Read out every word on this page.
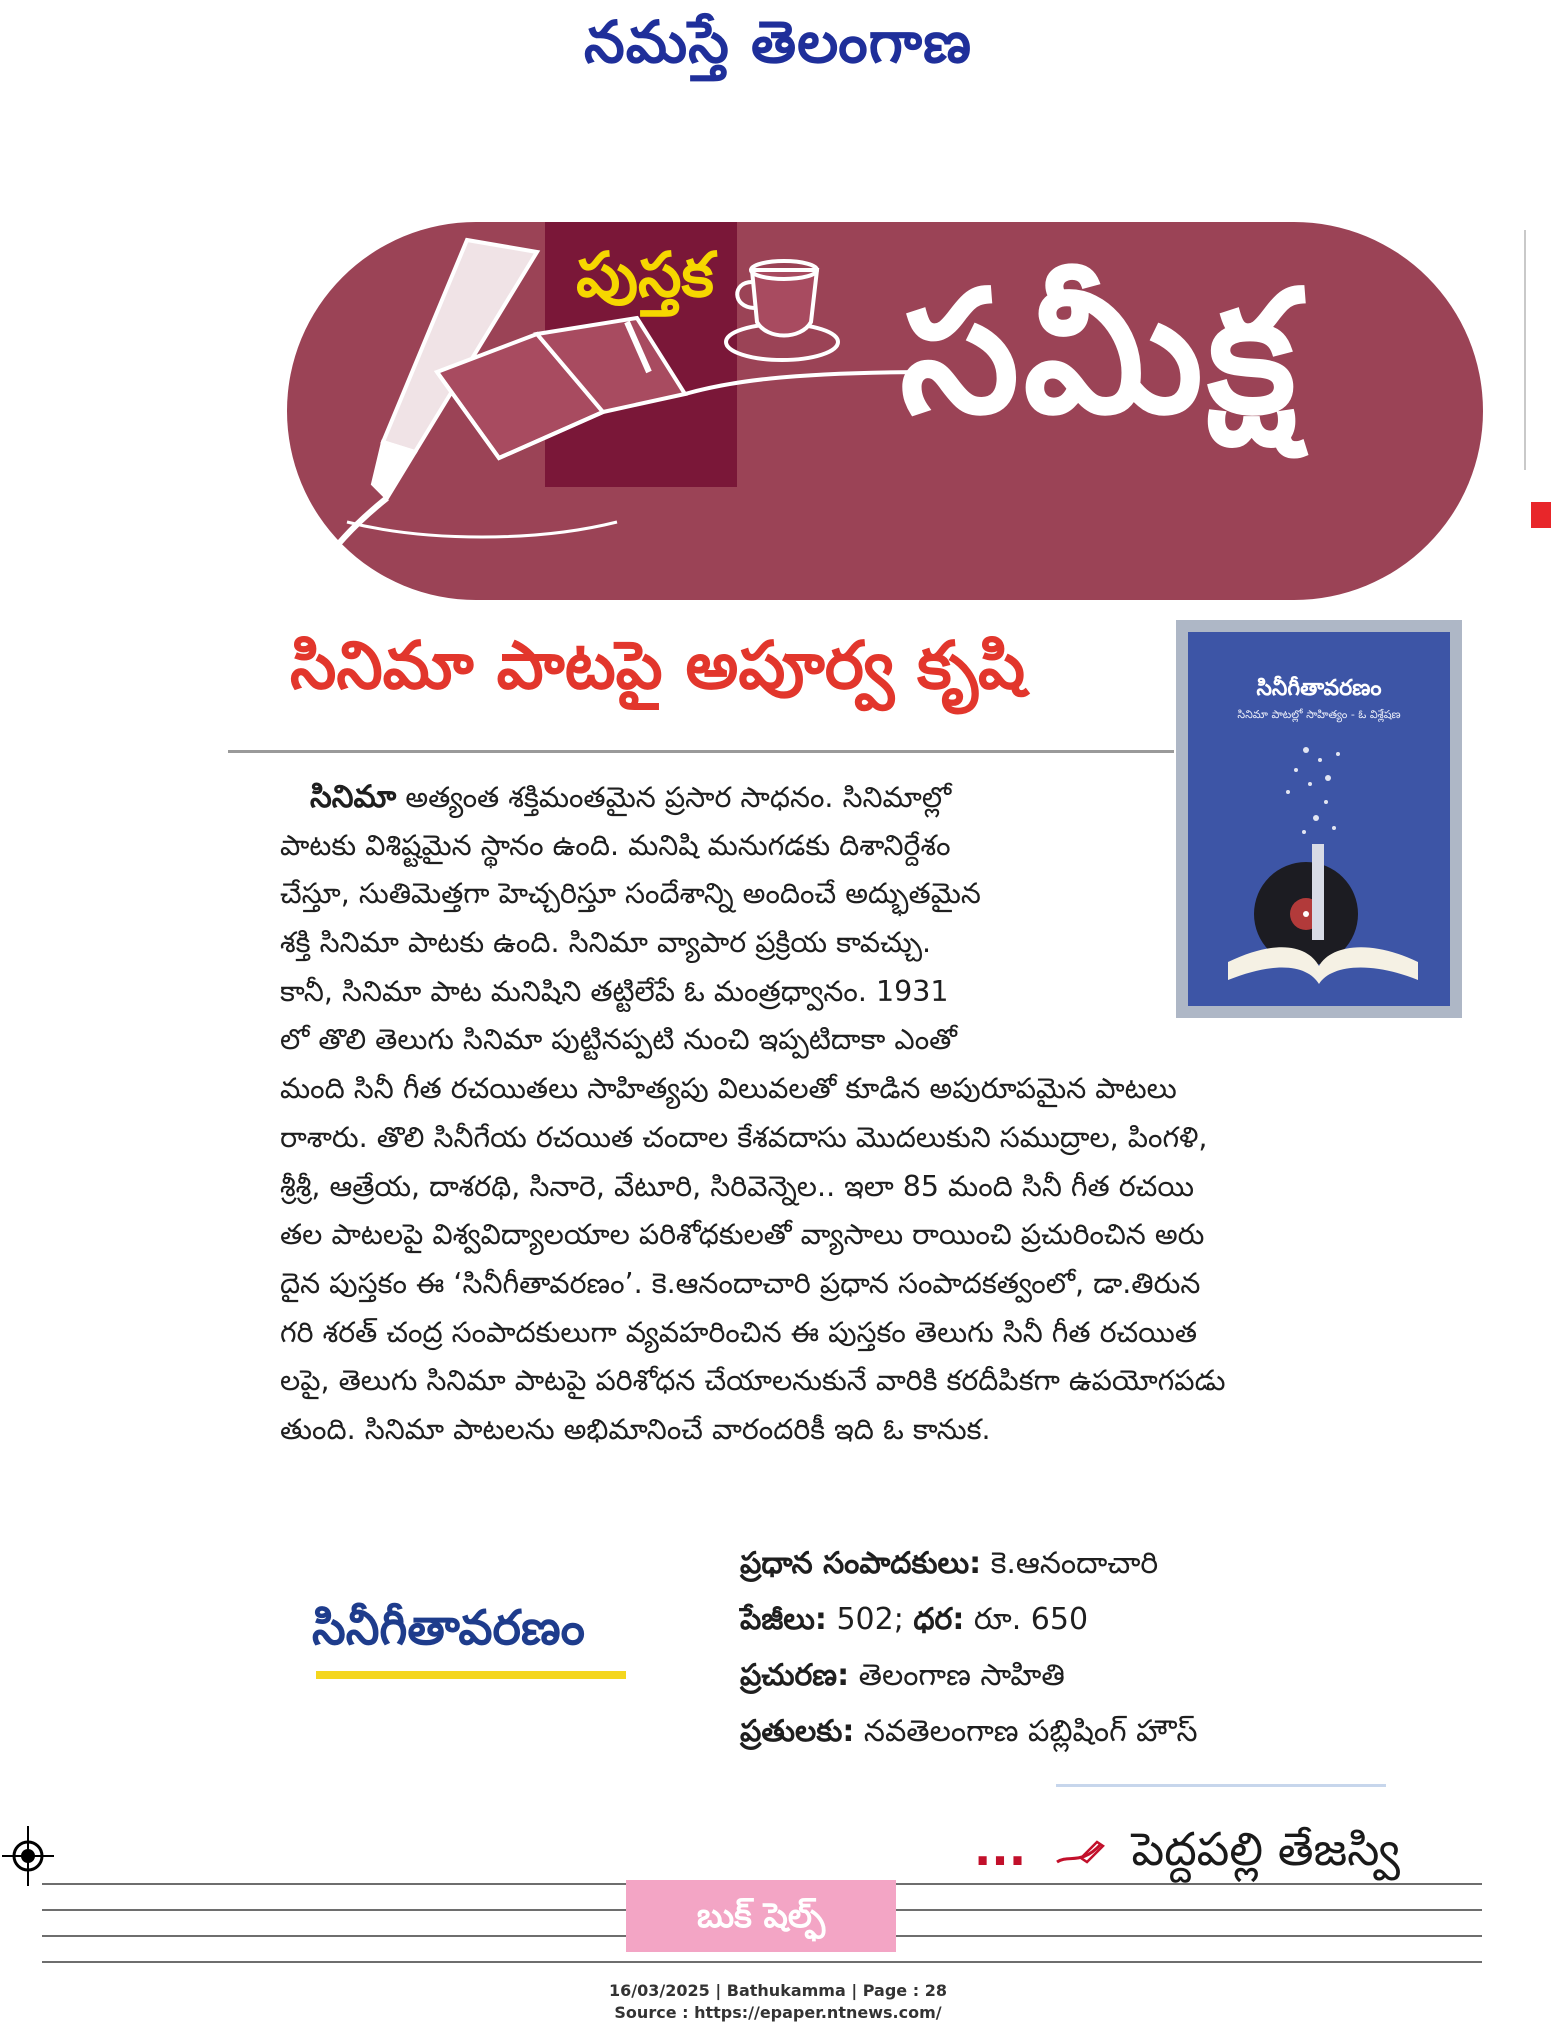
నమస్తే తెలంగాణ
పుస్తక సమీక్ష
సినిమా పాటపై అపూర్వ కృషి	సినీగీతావరణం
సినిమా పాటల్లో సాహిత్యం - ఓ విశ్లేషణ
సినిమా అత్యంత శక్తిమంతమైన ప్రసార సాధనం. సినిమాల్లో
పాటకు విశిష్టమైన స్థానం ఉంది. మనిషి మనుగడకు దిశానిర్దేశం
చేస్తూ, సుతిమెత్తగా హెచ్చరిస్తూ సందేశాన్ని అందించే అద్భుతమైన
శక్తి సినిమా పాటకు ఉంది. సినిమా వ్యాపార ప్రక్రియ కావచ్చు.
కానీ, సినిమా పాట మనిషిని తట్టిలేపే ఓ మంత్రధ్వానం. 1931
లో తొలి తెలుగు సినిమా పుట్టినప్పటి నుంచి ఇప్పటిదాకా ఎంతో
మంది సినీ గీత రచయితలు సాహిత్యపు విలువలతో కూడిన అపురూపమైన పాటలు
రాశారు. తొలి సినీగేయ రచయిత చందాల కేశవదాసు మొదలుకుని సముద్రాల, పింగళి,
శ్రీశ్రీ, ఆత్రేయ, దాశరథి, సినారె, వేటూరి, సిరివెన్నెల.. ఇలా 85 మంది సినీ గీత రచయి
తల పాటలపై విశ్వవిద్యాలయాల పరిశోధకులతో వ్యాసాలు రాయించి ప్రచురించిన అరు
దైన పుస్తకం ఈ ‘సినీగీతావరణం’. కె.ఆనందాచారి ప్రధాన సంపాదకత్వంలో, డా.తిరున
గరి శరత్ చంద్ర సంపాదకులుగా వ్యవహరించిన ఈ పుస్తకం తెలుగు సినీ గీత రచయిత
లపై, తెలుగు సినిమా పాటపై పరిశోధన చేయాలనుకునే వారికి కరదీపికగా ఉపయోగపడు
తుంది. సినిమా పాటలను అభిమానించే వారందరికీ ఇది ఓ కానుక.
సినీగీతావరణం
ప్రధాన సంపాదకులు: కె.ఆనందాచారి
పేజీలు: 502; ధర: రూ. 650
ప్రచురణ: తెలంగాణ సాహితి
ప్రతులకు: నవతెలంగాణ పబ్లిషింగ్ హౌస్
... పెద్దపల్లి తేజస్వి
బుక్ షెల్ఫ్
16/03/2025 | Bathukamma | Page : 28
Source : https://epaper.ntnews.com/
